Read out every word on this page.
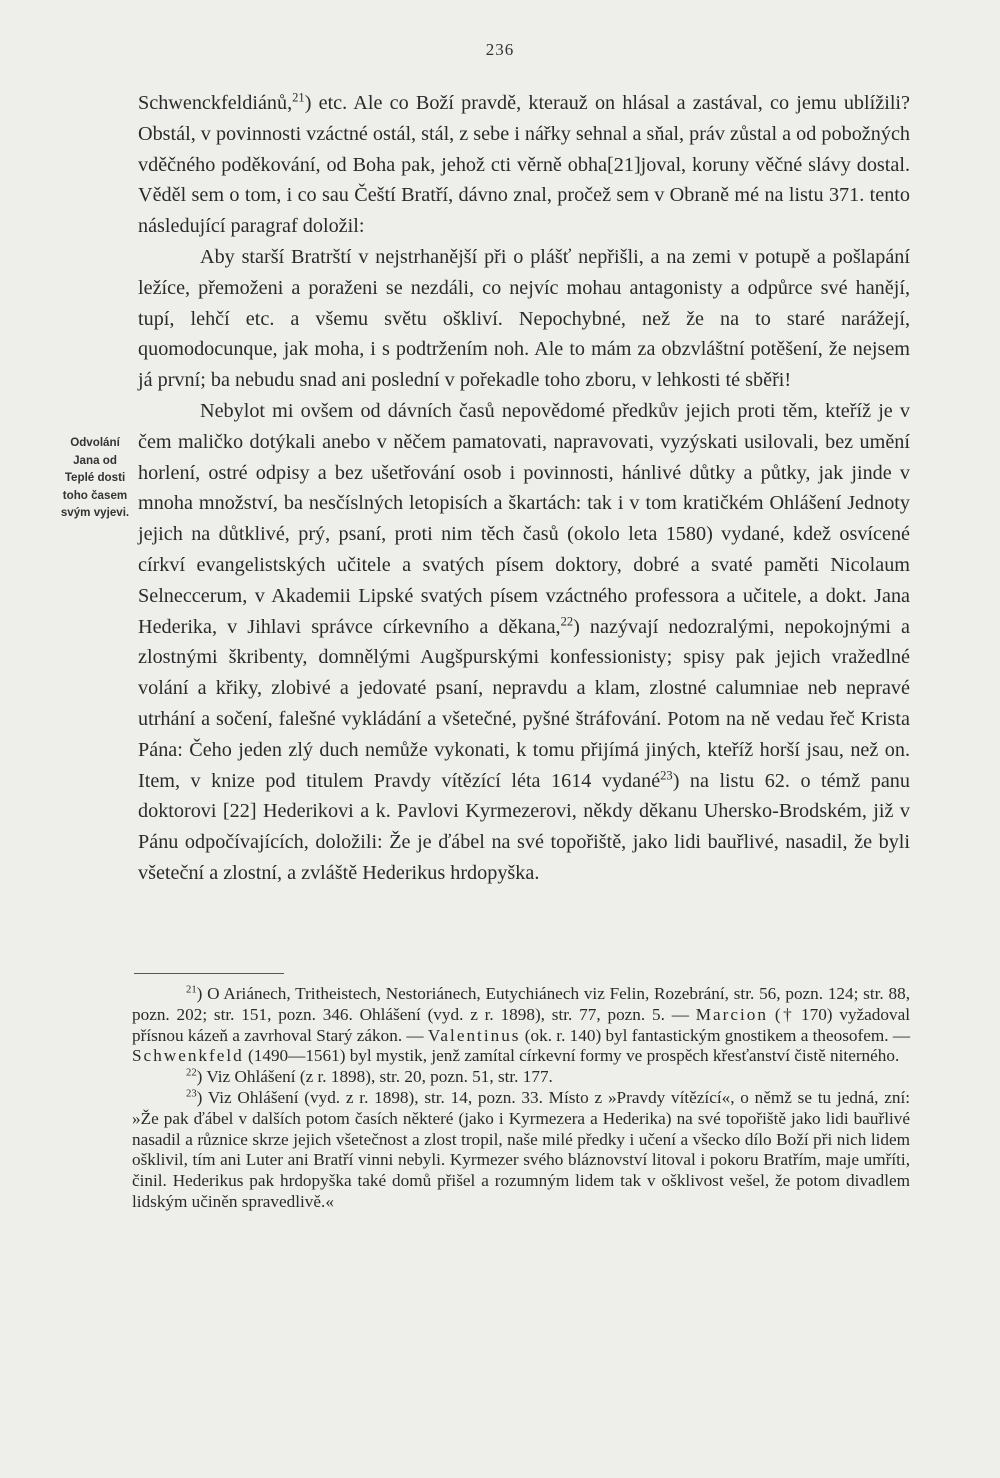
236
Odvolání
Jana od
Teplé dosti
toho časem
svým vyjevi.

Schwenckfeldiánů,$^{21}$) etc. Ale co Boží pravdě, kterauž on hlásal a zastával, co jemu ublížili? Obstál, v povinnosti vzáctné ostál, stál, z sebe i nářky sehnal a sňal, práv zůstal a od pobožných vděčného poděkování, od Boha pak, jehož cti věrně obha[21]joval, koruny věčné slávy dostal. Věděl sem o tom, i co sau Čeští Bratří, dávno znal, pročež sem v Obraně mé na listu 371. tento následující paragraf doložil:

Aby starší Bratrští v nejstrhanější při o plášť nepřišli, a na zemi v potupě a pošlapání ležíce, přemoženi a poraženi se nezdáli, co nejvíc mohau antagonisty a odpůrce své hanějí, tupí, lehčí etc. a všemu světu oškliví. Nepochybné, než že na to staré narážejí, quomodocunque, jak moha, i s podtržením noh. Ale to mám za obzvláštní potěšení, že nejsem já první; ba nebudu snad ani poslední v pořekadle toho zboru, v lehkosti té sběři!

Nebylot mi ovšem od dávních časů nepovědomé předkův jejich proti těm, kteříž je v čem maličko dotýkali anebo v něčem pamatovati, napravovati, vyzýskati usilovali, bez umění horlení, ostré odpisy a bez ušetřování osob i povinnosti, hánlivé důtky a půtky, jak jinde v mnoha množství, ba nesčíslných letopisích a škartách: tak i v tom kratičkém Ohlášení Jednoty jejich na důtklivé, prý, psaní, proti nim těch časů (okolo leta 1580) vydané, kdež osvícené církví evangelistských učitele a svatých písem doktory, dobré a svaté paměti Nicolaum Selneccerum, v Akademii Lipské svatých písem vzáctného professora a učitele, a dokt. Jana Hederika, v Jihlavi správce církevního a děkana,$^{22}$) nazývají nedozralými, nepokojnými a zlostnými škribenty, domnělými Augšpurskými konfessionisty; spisy pak jejich vražedlné volání a křiky, zlobivé a jedovaté psaní, nepravdu a klam, zlostné calumniae neb nepravé utrhání a sočení, falešné vykládání a všetečné, pyšné štráfování. Potom na ně vedau řeč Krista Pána: Čeho jeden zlý duch nemůže vykonati, k tomu přijímá jiných, kteříž horší jsau, než on. Item, v knize pod titulem Pravdy vítězící léta 1614 vydané$^{23}$) na listu 62. o témž panu doktorovi [22] Hederikovi a k. Pavlovi Kyrmezerovi, někdy děkanu Uhersko-Brodském, již v Pánu odpočívajících, doložili: Že je ďábel na své topořiště, jako lidi bauřlivé, nasadil, že byli všeteční a zlostní, a zvláště Hederikus hrdopyška.

$^{21}$) O Ariánech, Tritheistech, Nestoriánech, Eutychiánech viz Felin, Rozebrání, str. 56, pozn. 124; str. 88, pozn. 202; str. 151, pozn. 346. Ohlášení (vyd. z r. 1898), str. 77, pozn. 5. — Marcion († 170) vyžadoval přísnou kázeň a zavrhoval Starý zákon. — Valentinus (ok. r. 140) byl fantastickým gnostikem a theosofem. — Schwenkfeld (1490—1561) byl mystik, jenž zamítal církevní formy ve prospěch křesťanství čistě niterného.

$^{22}$) Viz Ohlášení (z r. 1898), str. 20, pozn. 51, str. 177.

$^{23}$) Viz Ohlášení (vyd. z r. 1898), str. 14, pozn. 33. Místo z »Pravdy vítězící«, o němž se tu jedná, zní: »Že pak ďábel v dalších potom časích některé (jako i Kyrmezera a Hederika) na své topořiště jako lidi bauřlivé nasadil a různice skrze jejich všetečnost a zlost tropil, naše milé předky i učení a všecko dílo Boží při nich lidem ošklivil, tím ani Luter ani Bratří vinni nebyli. Kyrmezer svého bláznovství litoval i pokoru Bratřím, maje umříti, činil. Hederikus pak hrdopyška také domů přišel a rozumným lidem tak v ošklivost vešel, že potom divadlem lidským učiněn spravedlivě.«
